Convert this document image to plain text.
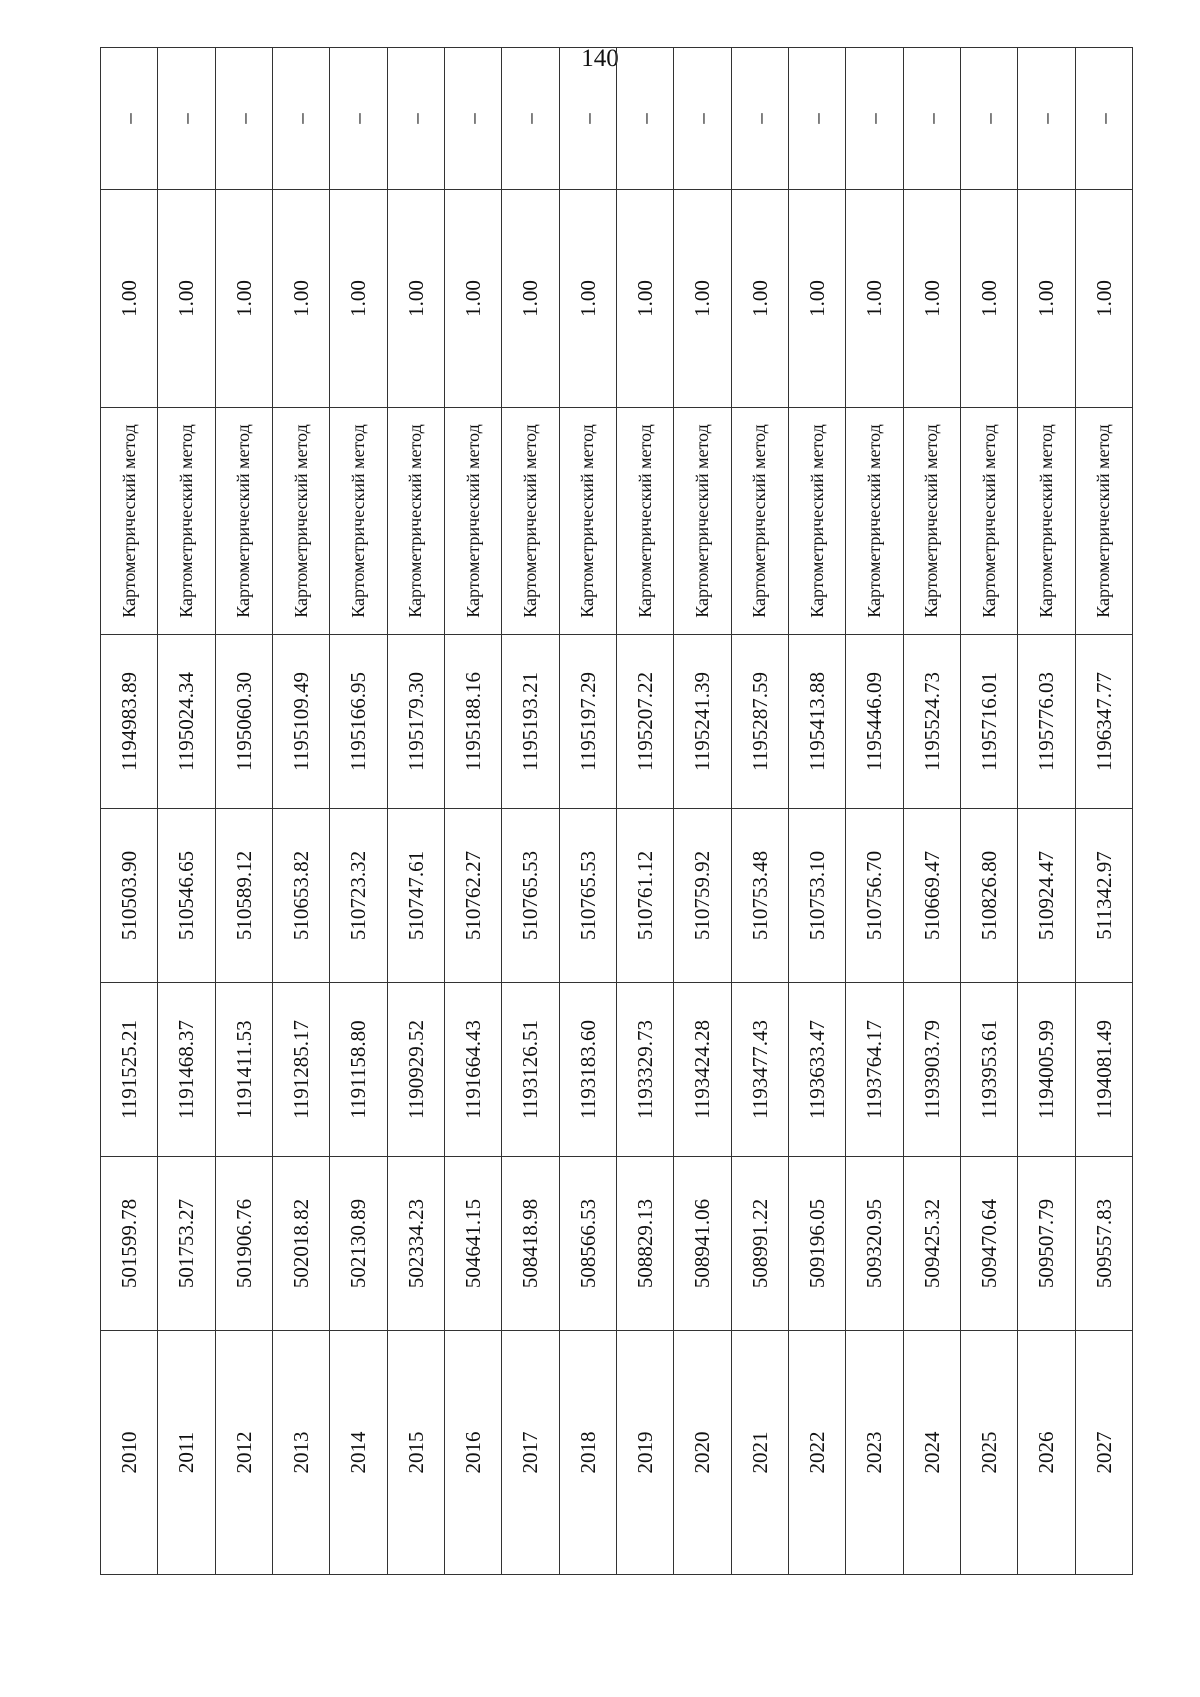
140
2010	501599.78	1191525.21	510503.90	1194983.89	Картометрический метод	1.00	–
2011	501753.27	1191468.37	510546.65	1195024.34	Картометрический метод	1.00	–
2012	501906.76	1191411.53	510589.12	1195060.30	Картометрический метод	1.00	–
2013	502018.82	1191285.17	510653.82	1195109.49	Картометрический метод	1.00	–
2014	502130.89	1191158.80	510723.32	1195166.95	Картометрический метод	1.00	–
2015	502334.23	1190929.52	510747.61	1195179.30	Картометрический метод	1.00	–
2016	504641.15	1191664.43	510762.27	1195188.16	Картометрический метод	1.00	–
2017	508418.98	1193126.51	510765.53	1195193.21	Картометрический метод	1.00	–
2018	508566.53	1193183.60	510765.53	1195197.29	Картометрический метод	1.00	–
2019	508829.13	1193329.73	510761.12	1195207.22	Картометрический метод	1.00	–
2020	508941.06	1193424.28	510759.92	1195241.39	Картометрический метод	1.00	–
2021	508991.22	1193477.43	510753.48	1195287.59	Картометрический метод	1.00	–
2022	509196.05	1193633.47	510753.10	1195413.88	Картометрический метод	1.00	–
2023	509320.95	1193764.17	510756.70	1195446.09	Картометрический метод	1.00	–
2024	509425.32	1193903.79	510669.47	1195524.73	Картометрический метод	1.00	–
2025	509470.64	1193953.61	510826.80	1195716.01	Картометрический метод	1.00	–
2026	509507.79	1194005.99	510924.47	1195776.03	Картометрический метод	1.00	–
2027	509557.83	1194081.49	511342.97	1196347.77	Картометрический метод	1.00	–
